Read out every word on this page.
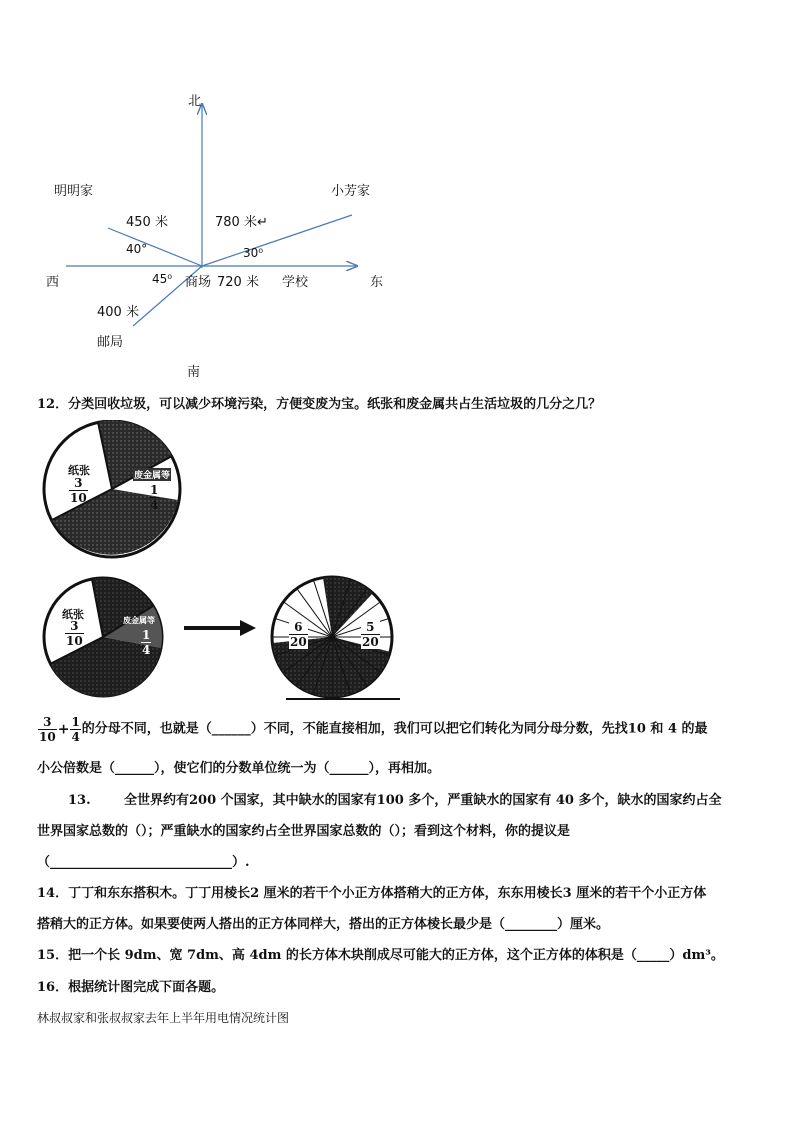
北
明明家	小芳家
450 米	780 米↵
40°	30⁰
西	45⁰ 商场 720 米 学校	东
400 米
邮局
南
12．分类回收垃圾，可以减少环境污染，方便变废为宝。纸张和废金属共占生活垃圾的几分之几？
纸张
$\frac{3}{10}$	废金属等
$\frac{1}{4}$
纸张
$\frac{3}{10}$	废金属等
$\frac{1}{4}$	$\frac{6}{20}$	$\frac{5}{20}$
$\frac{3}{10} + \frac{1}{4}$ 的分母不同，也就是（______）不同，不能直接相加，我们可以把它们转化为同分母分数，先找10 和 4 的最
小公倍数是（______），使它们的分数单位统一为（______），再相加。
13.	全世界约有200 个国家，其中缺水的国家有100 多个，严重缺水的国家有 40 多个，缺水的国家约占全
世界国家总数的（）；严重缺水的国家约占全世界国家总数的（）；看到这个材料，你的提议是
（____________________________）.
14．丁丁和东东搭积木。丁丁用棱长2 厘米的若干个小正方体搭稍大的正方体，东东用棱长3 厘米的若干个小正方体
搭稍大的正方体。如果要使两人搭出的正方体同样大，搭出的正方体棱长最少是（________）厘米。
15．把一个长 9dm、宽 7dm、高 4dm 的长方体木块削成尽可能大的正方体，这个正方体的体积是（_____）dm³。
16．根据统计图完成下面各题。
林叔叔家和张叔叔家去年上半年用电情况统计图
